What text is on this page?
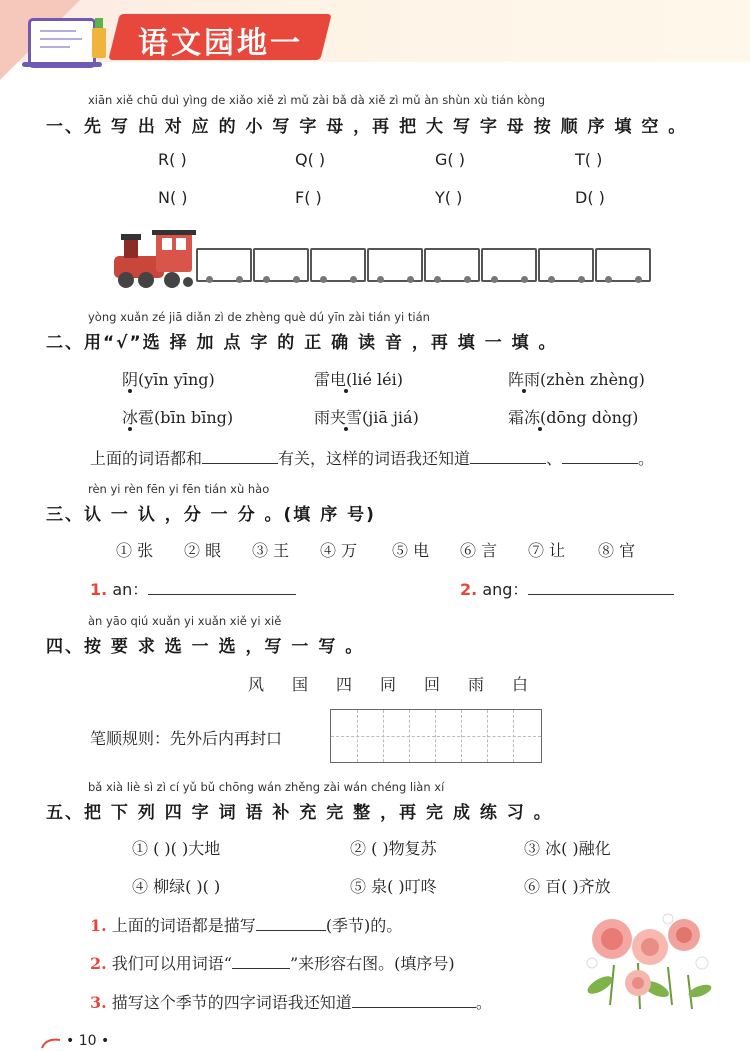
语文园地一
xiān xiě chū duì yìng de xiǎo xiě zì mǔ zài bǎ dà xiě zì mǔ àn shùn xù tián kòng
一、先 写 出 对 应 的 小 写 字 母 ，再 把 大 写 字 母 按 顺 序 填 空 。
R( )	Q( )	G( )	T( )
N( )	F( )	Y( )	D( )
yòng xuǎn zé jiā diǎn zì de zhèng què dú yīn zài tián yi tián
二、用“√”选 择 加 点 字 的 正 确 读 音 ，再 填 一 填 。
阴(yīn yīng)	雷电(lié léi)	阵雨(zhèn zhèng)
冰雹(bīn bīng)	雨夹雪(jiā jiá)	霜冻(dōng dòng)
上面的词语都和	有关，这样的词语我还知道	、	。
rèn yi rèn fēn yi fēn tián xù hào
三、认 一 认 ，分 一 分 。(填 序 号)
① 张 ② 眼 ③ 王 ④ 万 ⑤ 电 ⑥ 言 ⑦ 让 ⑧ 官
1. an：	2. ang：
àn yāo qiú xuǎn yi xuǎn xiě yi xiě
四、按 要 求 选 一 选 ，写 一 写 。
风 国 四 同 回 雨 白
笔顺规则：先外后内再封口
bǎ xià liè sì zì cí yǔ bǔ chōng wán zhěng zài wán chéng liàn xí
五、把 下 列 四 字 词 语 补 充 完 整 ，再 完 成 练 习 。
① ( )( )大地	② ( )物复苏	③ 冰( )融化
④ 柳绿( )( )	⑤ 泉( )叮咚	⑥ 百( )齐放
1. 上面的词语都是描写	(季节)的。
2. 我们可以用词语“	”来形容右图。(填序号)
3. 描写这个季节的四字词语我还知道	。
• 10 •
